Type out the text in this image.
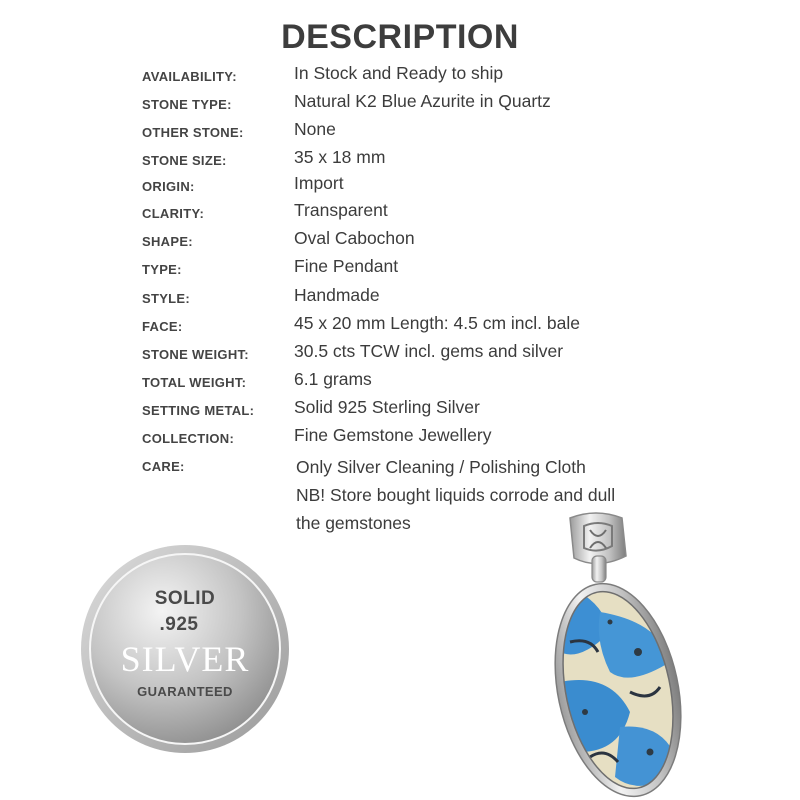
DESCRIPTION
AVAILABILITY:	In Stock and Ready to ship
STONE TYPE:	Natural K2 Blue Azurite in Quartz
OTHER STONE:	None
STONE SIZE:	35 x 18 mm
ORIGIN:	Import
CLARITY:	Transparent
SHAPE:	Oval Cabochon
TYPE:	Fine Pendant
STYLE:	Handmade
FACE:	45 x 20 mm Length: 4.5 cm incl. bale
STONE WEIGHT:	30.5 cts TCW incl. gems and silver
TOTAL WEIGHT:	6.1 grams
SETTING METAL: Solid 925 Sterling Silver
COLLECTION:	Fine Gemstone Jewellery
CARE:	Only Silver Cleaning / Polishing Cloth
NB! Store bought liquids corrode and dull
the gemstones
SOLID
.925
SILVER
GUARANTEED
